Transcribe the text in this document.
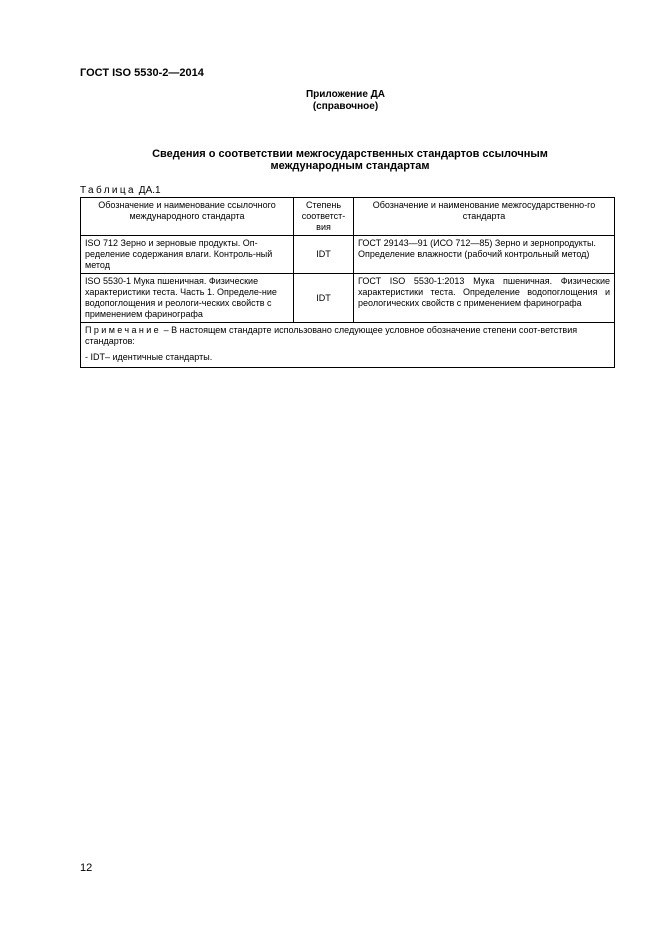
ГОСТ ISO 5530-2—2014
Приложение ДА
(справочное)
Сведения о соответствии межгосударственных стандартов ссылочным
международным стандартам
Таблица ДА.1
Обозначение и наименование ссылочного международного стандарта	Степень соответст-вия	Обозначение и наименование межгосударственно-го стандарта
ISO 712 Зерно и зерновые продукты. Оп-ределение содержания влаги. Контроль-ный метод	IDT	ГОСТ 29143—91 (ИСО 712—85) Зерно и зернопродукты. Определение влажности (рабочий контрольный метод)
ISO 5530-1 Мука пшеничная. Физические характеристики теста. Часть 1. Определе-ние водопоглощения и реологи-ческих свойств с применением фаринографа	IDT	ГОСТ ISO 5530-1:2013 Мука пшеничная. Физические характеристики теста. Определение водопоглощения и реологических свойств с применением фаринографа

Примечание – В настоящем стандарте использовано следующее условное обозначение степени соот-ветствия стандартов:
- IDT– идентичные стандарты.		
12
